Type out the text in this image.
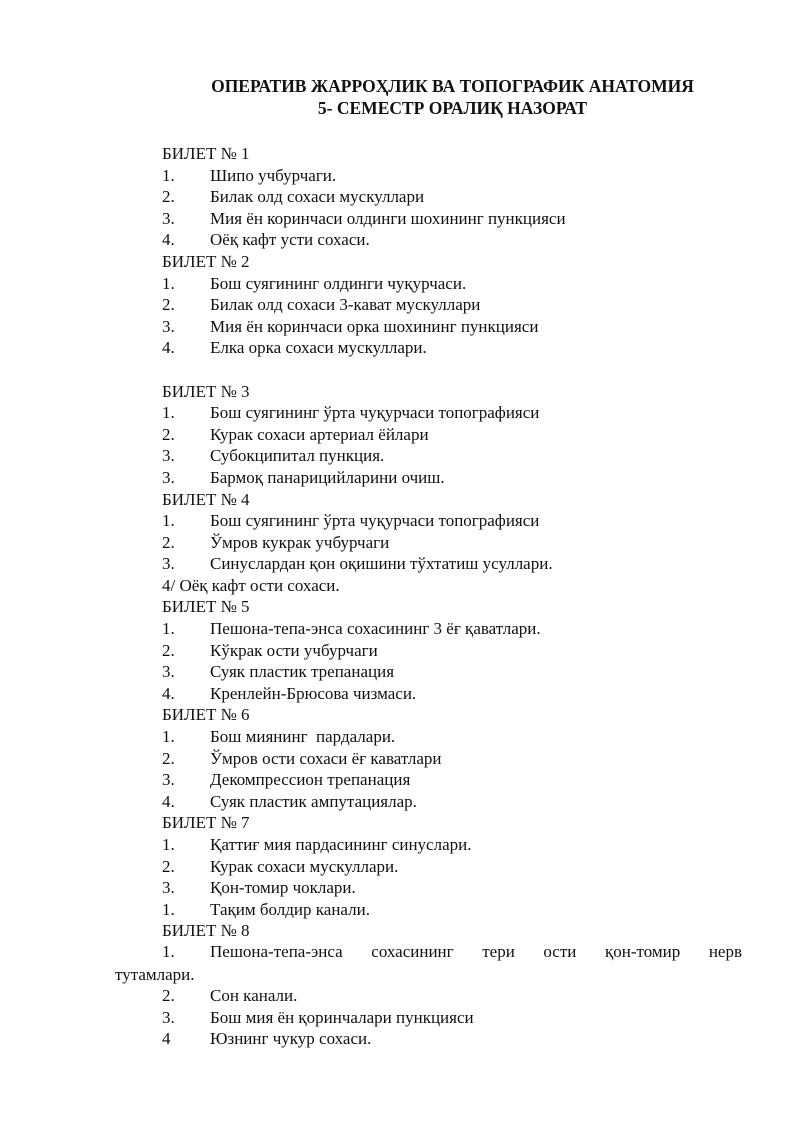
ОПЕРАТИВ ЖАРРОҲЛИК ВА ТОПОГРАФИК АНАТОМИЯ
5- СЕМЕСТР ОРАЛИҚ НАЗОРАТ
БИЛЕТ № 1
1. Шипо учбурчаги.
2. Билак олд сохаси мускуллари
3. Мия ён коринчаси олдинги шохининг пункцияси
4. Оёқ кафт усти сохаси.
БИЛЕТ № 2
1. Бош суягининг олдинги чуқурчаси.
2. Билак олд сохаси 3-кават мускуллари
3. Мия ён коринчаси орка шохининг пункцияси
4. Елка орка сохаси мускуллари.
БИЛЕТ № 3
1. Бош суягининг ўрта чуқурчаси топографияси
2. Курак сохаси артериал ёйлари
3. Субокципитал пункция.
3. Бармоқ панарицийларини очиш.
БИЛЕТ № 4
1. Бош суягининг ўрта чуқурчаси топографияси
2. Ўмров кукрак учбурчаги
3. Синуслардан қон оқишини тўхтатиш усуллари.
4/ Оёқ кафт ости сохаси.
БИЛЕТ № 5
1. Пешона-тепа-энса сохасининг 3 ёғ қаватлари.
2. Кўкрак ости учбурчаги
3. Суяк пластик трепанация
4. Кренлейн-Брюсова чизмаси.
БИЛЕТ № 6
1. Бош миянинг  пардалари.
2. Ўмров ости сохаси ёғ каватлари
3. Декомпрессион трепанация
4. Суяк пластик ампутациялар.
БИЛЕТ № 7
1. Қаттиғ мия пардасининг синуслари.
2. Курак сохаси мускуллари.
3. Қон-томир чоклари.
1. Тақим болдир канали.
БИЛЕТ № 8
1. Пешона-тепа-энса сохасининг тери ости қон-томир нерв
тутамлари.
2. Сон канали.
3. Бош мия ён қоринчалари пункцияси
4 Юзнинг чукур сохаси.
